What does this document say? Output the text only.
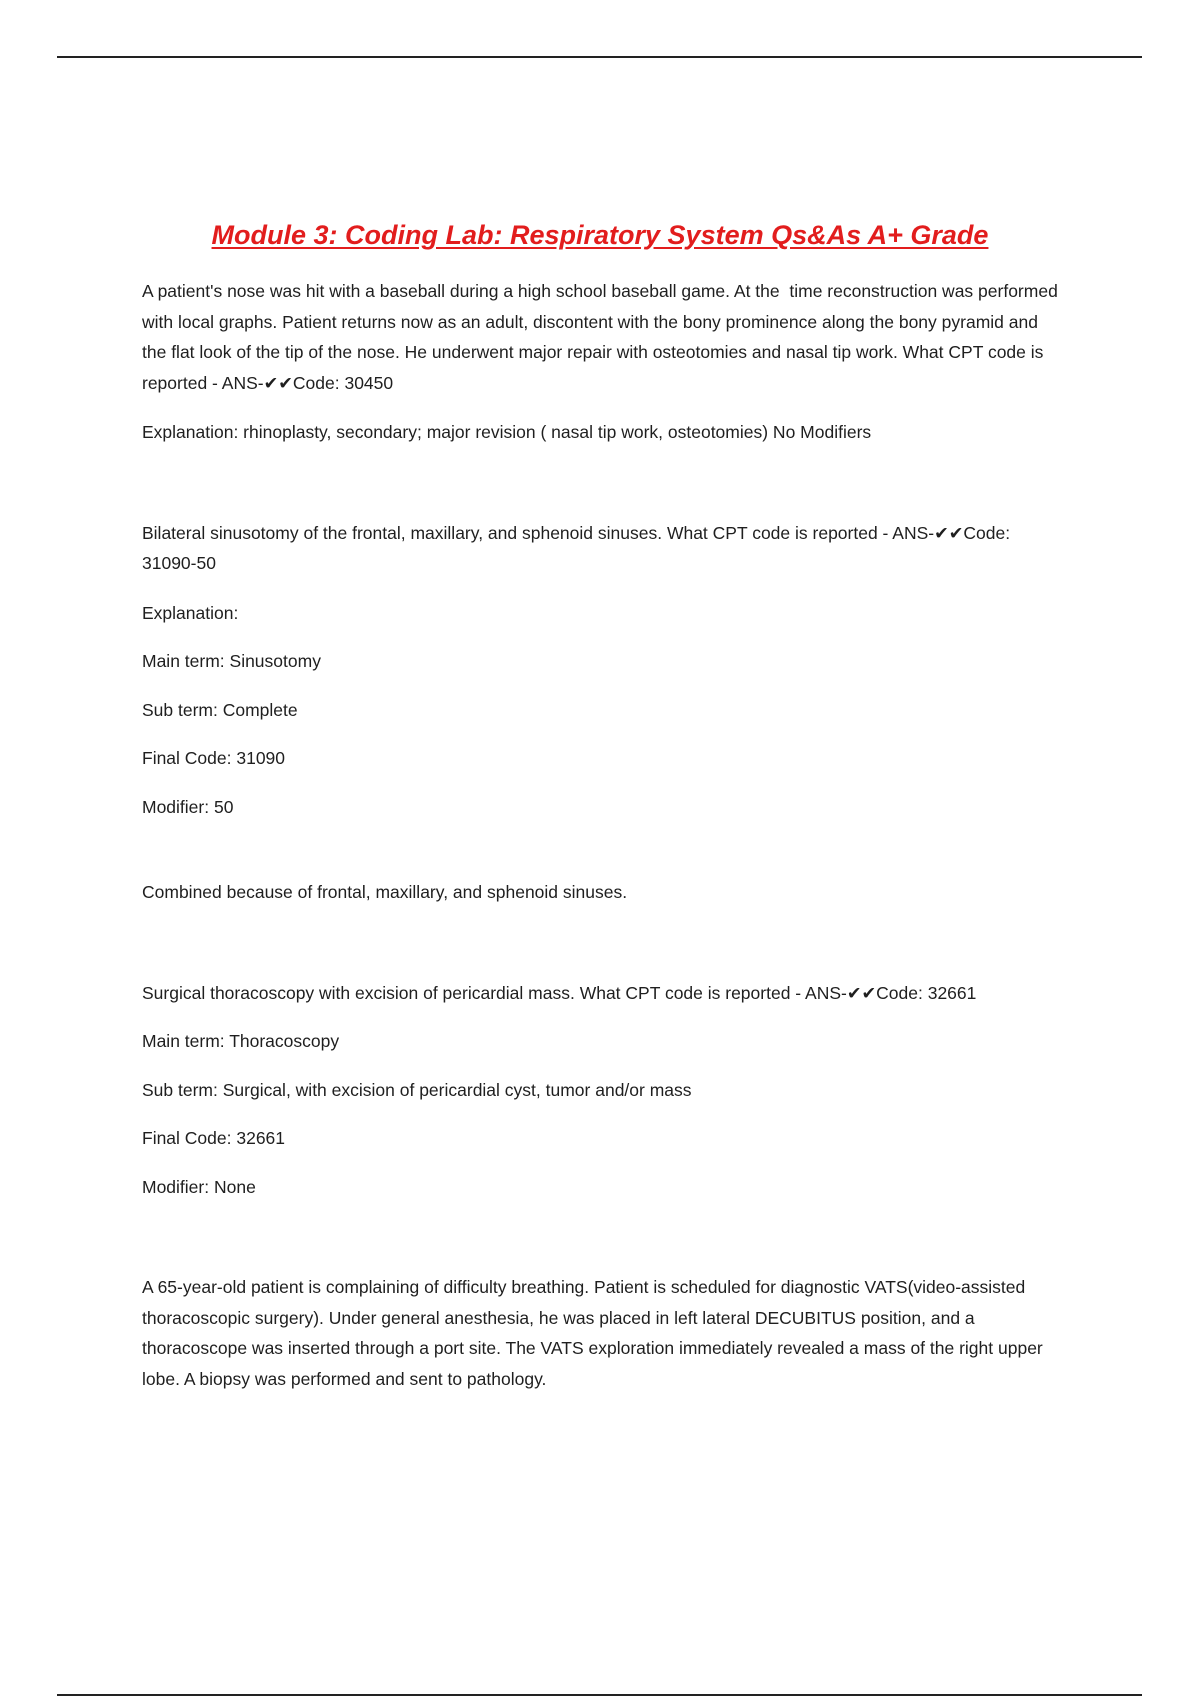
Module 3: Coding Lab: Respiratory System Qs&As A+ Grade

A patient's nose was hit with a baseball during a high school baseball game. At the  time reconstruction was performed with local graphs. Patient returns now as an adult, discontent with the bony prominence along the bony pyramid and the flat look of the tip of the nose. He underwent major repair with osteotomies and nasal tip work. What CPT code is reported - ANS-✔✔Code: 30450

Explanation: rhinoplasty, secondary; major revision ( nasal tip work, osteotomies) No Modifiers

Bilateral sinusotomy of the frontal, maxillary, and sphenoid sinuses. What CPT code is reported - ANS-✔✔Code: 31090-50

Explanation:

Main term: Sinusotomy

Sub term: Complete

Final Code: 31090

Modifier: 50

Combined because of frontal, maxillary, and sphenoid sinuses.

Surgical thoracoscopy with excision of pericardial mass. What CPT code is reported - ANS-✔✔Code: 32661

Main term: Thoracoscopy

Sub term: Surgical, with excision of pericardial cyst, tumor and/or mass

Final Code: 32661

Modifier: None

A 65-year-old patient is complaining of difficulty breathing. Patient is scheduled for diagnostic VATS(video-assisted thoracoscopic surgery). Under general anesthesia, he was placed in left lateral DECUBITUS position, and a thoracoscope was inserted through a port site. The VATS exploration immediately revealed a mass of the right upper lobe. A biopsy was performed and sent to pathology.
